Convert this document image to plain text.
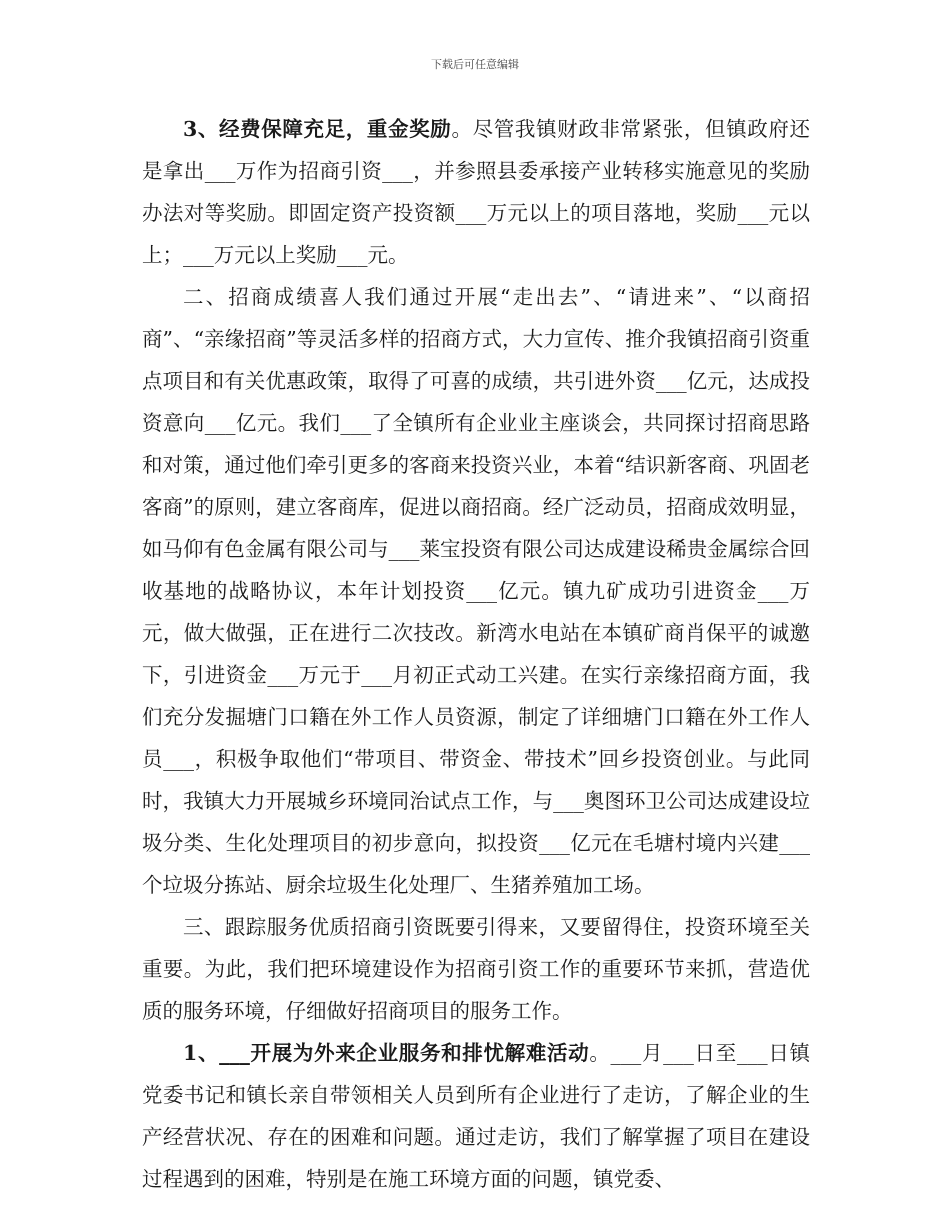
下载后可任意编辑

3、经费保障充足，重金奖励。尽管我镇财政非常紧张，但镇政府还是拿出___万作为招商引资___，并参照县委承接产业转移实施意见的奖励办法对等奖励。即固定资产投资额___万元以上的项目落地，奖励___元以上；___万元以上奖励___元。

二、招商成绩喜人我们通过开展“走出去”、“请进来”、“以商招商”、“亲缘招商”等灵活多样的招商方式，大力宣传、推介我镇招商引资重点项目和有关优惠政策，取得了可喜的成绩，共引进外资___亿元，达成投资意向___亿元。我们___了全镇所有企业业主座谈会，共同探讨招商思路和对策，通过他们牵引更多的客商来投资兴业，本着“结识新客商、巩固老客商”的原则，建立客商库，促进以商招商。经广泛动员，招商成效明显，如马仰有色金属有限公司与___莱宝投资有限公司达成建设稀贵金属综合回收基地的战略协议，本年计划投资___亿元。镇九矿成功引进资金___万元，做大做强，正在进行二次技改。新湾水电站在本镇矿商肖保平的诚邀下，引进资金___万元于___月初正式动工兴建。在实行亲缘招商方面，我们充分发掘塘门口籍在外工作人员资源，制定了详细塘门口籍在外工作人员___，积极争取他们“带项目、带资金、带技术”回乡投资创业。与此同时，我镇大力开展城乡环境同治试点工作，与___奥图环卫公司达成建设垃圾分类、生化处理项目的初步意向，拟投资___亿元在毛塘村境内兴建___个垃圾分拣站、厨余垃圾生化处理厂、生猪养殖加工场。

三、跟踪服务优质招商引资既要引得来，又要留得住，投资环境至关重要。为此，我们把环境建设作为招商引资工作的重要环节来抓，营造优质的服务环境，仔细做好招商项目的服务工作。

1、___开展为外来企业服务和排忧解难活动。___月___日至___日镇党委书记和镇长亲自带领相关人员到所有企业进行了走访，了解企业的生产经营状况、存在的困难和问题。通过走访，我们了解掌握了项目在建设过程遇到的困难，特别是在施工环境方面的问题，镇党委、
